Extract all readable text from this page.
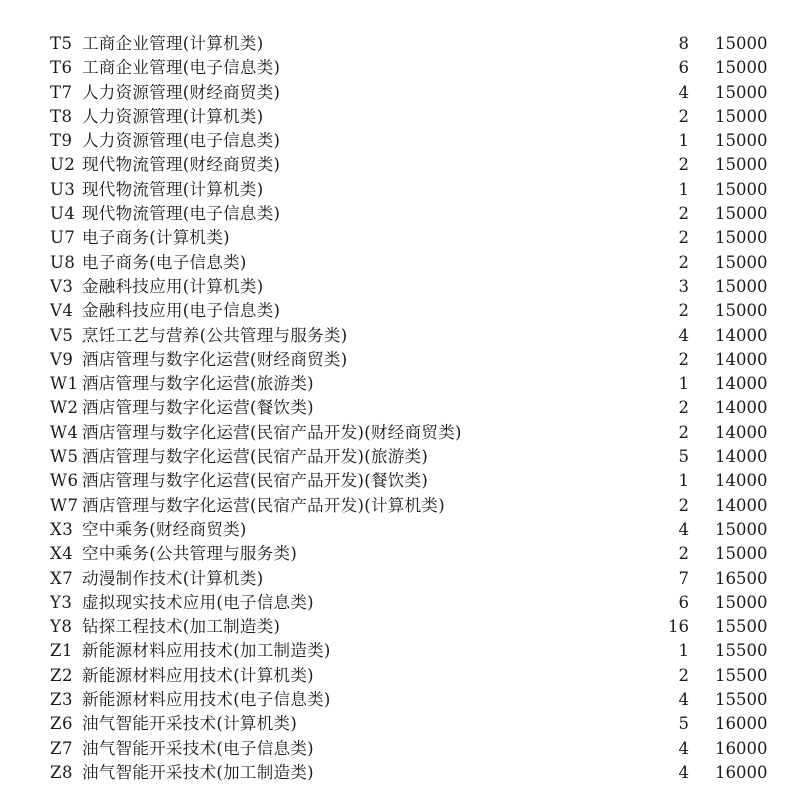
T5 工商企业管理(计算机类)	8 15000
T6 工商企业管理(电子信息类)	6 15000
T7 人力资源管理(财经商贸类)	4 15000
T8 人力资源管理(计算机类)	2 15000
T9 人力资源管理(电子信息类)	1 15000
U2 现代物流管理(财经商贸类)	2 15000
U3 现代物流管理(计算机类)	1 15000
U4 现代物流管理(电子信息类)	2 15000
U7 电子商务(计算机类)	2 15000
U8 电子商务(电子信息类)	2 15000
V3 金融科技应用(计算机类)	3 15000
V4 金融科技应用(电子信息类)	2 15000
V5 烹饪工艺与营养(公共管理与服务类)	4 14000
V9 酒店管理与数字化运营(财经商贸类)	2 14000
W1 酒店管理与数字化运营(旅游类)	1 14000
W2 酒店管理与数字化运营(餐饮类)	2 14000
W4 酒店管理与数字化运营(民宿产品开发)(财经商贸类)	2 14000
W5 酒店管理与数字化运营(民宿产品开发)(旅游类)	5 14000
W6 酒店管理与数字化运营(民宿产品开发)(餐饮类)	1 14000
W7 酒店管理与数字化运营(民宿产品开发)(计算机类)	2 14000
X3 空中乘务(财经商贸类)	4 15000
X4 空中乘务(公共管理与服务类)	2 15000
X7 动漫制作技术(计算机类)	7 16500
Y3 虚拟现实技术应用(电子信息类)	6 15000
Y8 钻探工程技术(加工制造类)	16 15500
Z1 新能源材料应用技术(加工制造类)	1 15500
Z2 新能源材料应用技术(计算机类)	2 15500
Z3 新能源材料应用技术(电子信息类)	4 15500
Z6 油气智能开采技术(计算机类)	5 16000
Z7 油气智能开采技术(电子信息类)	4 16000
Z8 油气智能开采技术(加工制造类)	4 16000
